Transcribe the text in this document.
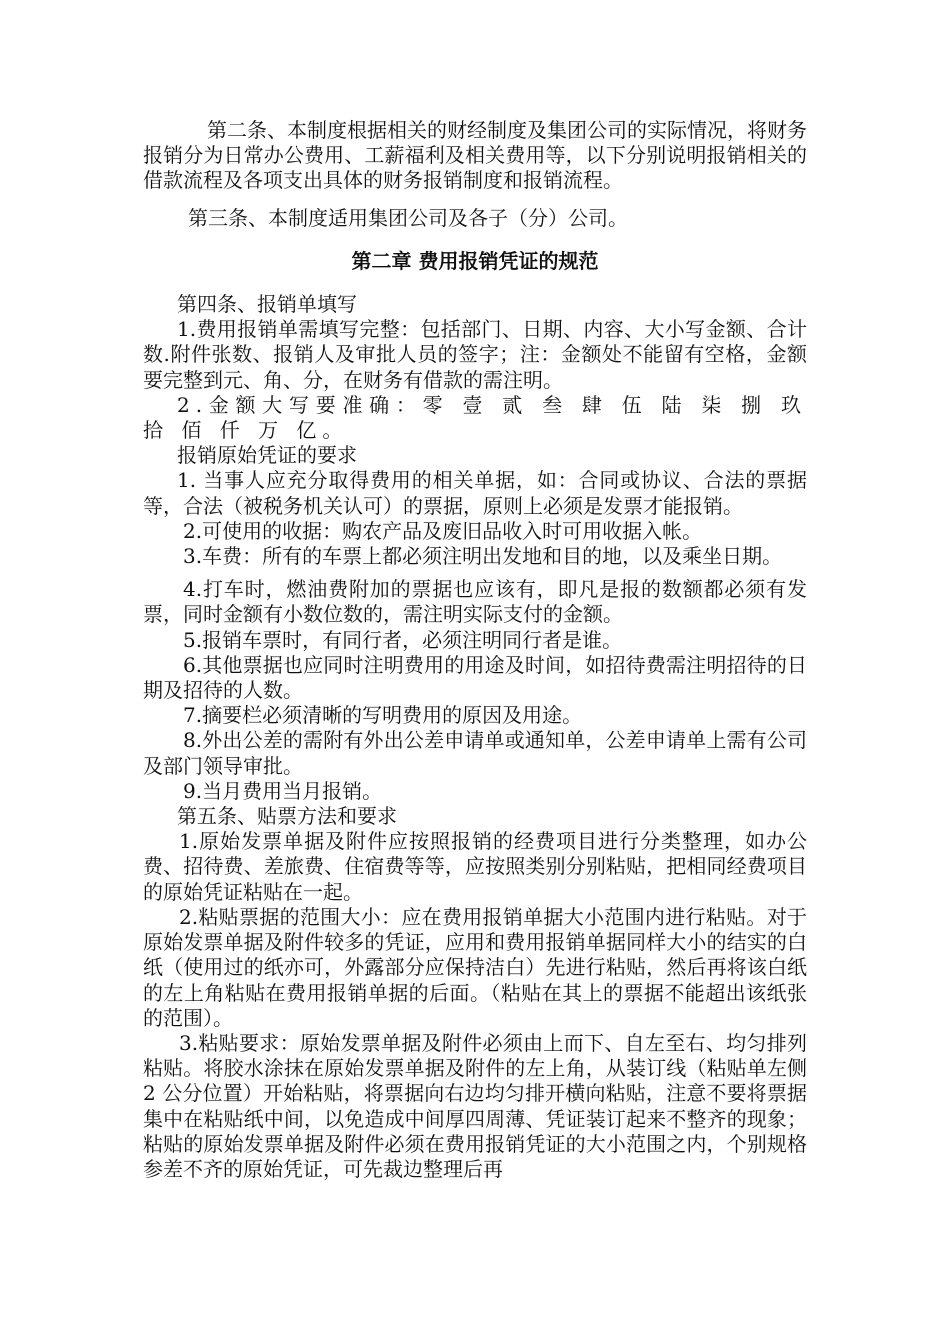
第二条、本制度根据相关的财经制度及集团公司的实际情况，将财务报销分为日常办公费用、工薪福利及相关费用等，以下分别说明报销相关的借款流程及各项支出具体的财务报销制度和报销流程。

第三条、本制度适用集团公司及各子（分）公司。

第二章 费用报销凭证的规范

第四条、报销单填写

1.费用报销单需填写完整：包括部门、日期、内容、大小写金额、合计数.附件张数、报销人及审批人员的签字；注：金额处不能留有空格，金额要完整到元、角、分，在财务有借款的需注明。

2.金额大写要准确：零 壹 贰 叁 肆 伍 陆 柒 捌 玖 拾 佰 仟 万 亿。

报销原始凭证的要求

1. 当事人应充分取得费用的相关单据，如：合同或协议、合法的票据等，合法（被税务机关认可）的票据，原则上必须是发票才能报销。

2.可使用的收据：购农产品及废旧品收入时可用收据入帐。

3.车费：所有的车票上都必须注明出发地和目的地，以及乘坐日期。

4.打车时，燃油费附加的票据也应该有，即凡是报的数额都必须有发票，同时金额有小数位数的，需注明实际支付的金额。

5.报销车票时，有同行者，必须注明同行者是谁。

6.其他票据也应同时注明费用的用途及时间，如招待费需注明招待的日期及招待的人数。

7.摘要栏必须清晰的写明费用的原因及用途。

8.外出公差的需附有外出公差申请单或通知单，公差申请单上需有公司及部门领导审批。

9.当月费用当月报销。

第五条、贴票方法和要求

1.原始发票单据及附件应按照报销的经费项目进行分类整理，如办公费、招待费、差旅费、住宿费等等，应按照类别分别粘贴，把相同经费项目的原始凭证粘贴在一起。

2.粘贴票据的范围大小：应在费用报销单据大小范围内进行粘贴。对于原始发票单据及附件较多的凭证，应用和费用报销单据同样大小的结实的白纸（使用过的纸亦可，外露部分应保持洁白）先进行粘贴，然后再将该白纸的左上角粘贴在费用报销单据的后面。（粘贴在其上的票据不能超出该纸张的范围）。

3.粘贴要求：原始发票单据及附件必须由上而下、自左至右、均匀排列粘贴。将胶水涂抹在原始发票单据及附件的左上角，从装订线（粘贴单左侧 2 公分位置）开始粘贴，将票据向右边均匀排开横向粘贴，注意不要将票据集中在粘贴纸中间，以免造成中间厚四周薄、凭证装订起来不整齐的现象；粘贴的原始发票单据及附件必须在费用报销凭证的大小范围之内，个别规格参差不齐的原始凭证，可先裁边整理后再
